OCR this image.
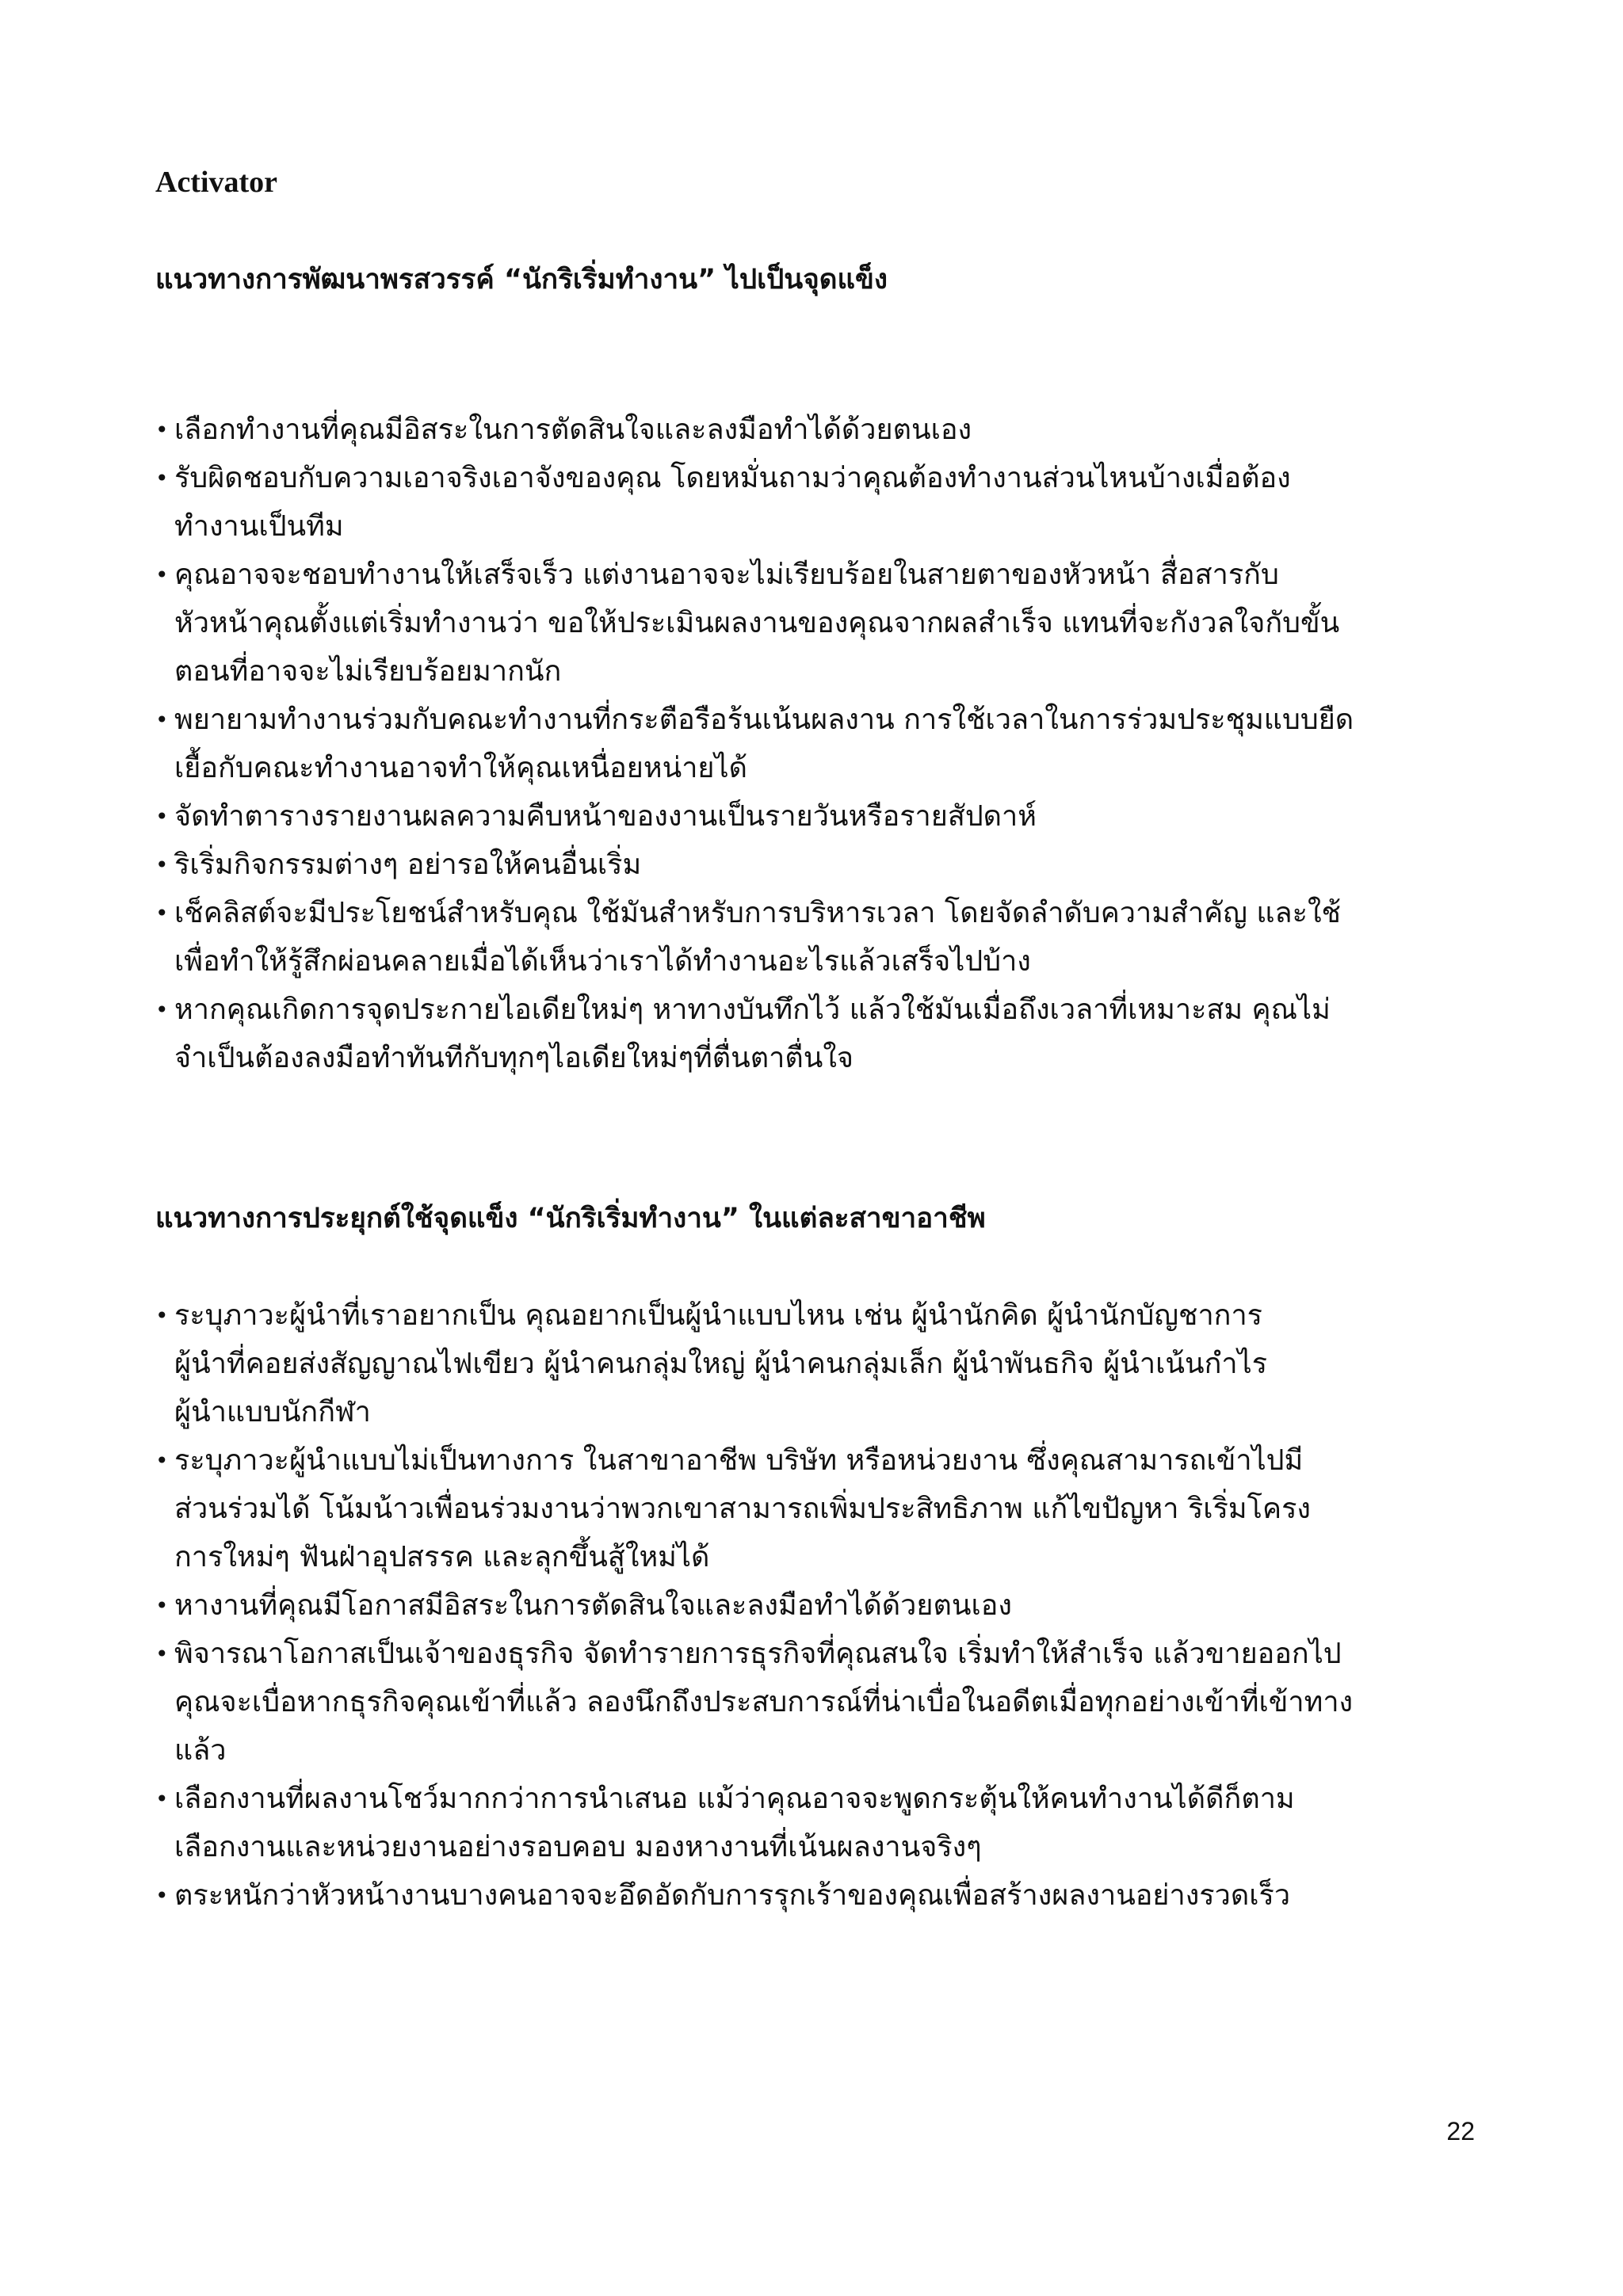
Activator

แนวทางการพัฒนาพรสวรรค์ “นักริเริ่มทำงาน” ไปเป็นจุดแข็ง
• เลือกทำงานที่คุณมีอิสระในการตัดสินใจและลงมือทำได้ด้วยตนเอง
• รับผิดชอบกับความเอาจริงเอาจังของคุณ โดยหมั่นถามว่าคุณต้องทำงานส่วนไหนบ้างเมื่อต้อง
ทำงานเป็นทีม
• คุณอาจจะชอบทำงานให้เสร็จเร็ว แต่งานอาจจะไม่เรียบร้อยในสายตาของหัวหน้า สื่อสารกับ
หัวหน้าคุณตั้งแต่เริ่มทำงานว่า ขอให้ประเมินผลงานของคุณจากผลสำเร็จ แทนที่จะกังวลใจกับขั้น
ตอนที่อาจจะไม่เรียบร้อยมากนัก
• พยายามทำงานร่วมกับคณะทำงานที่กระตือรือร้นเน้นผลงาน การใช้เวลาในการร่วมประชุมแบบยืด
เยื้อกับคณะทำงานอาจทำให้คุณเหนื่อยหน่ายได้
• จัดทำตารางรายงานผลความคืบหน้าของงานเป็นรายวันหรือรายสัปดาห์
• ริเริ่มกิจกรรมต่างๆ อย่ารอให้คนอื่นเริ่ม
• เช็คลิสต์จะมีประโยชน์สำหรับคุณ ใช้มันสำหรับการบริหารเวลา โดยจัดลำดับความสำคัญ และใช้
เพื่อทำให้รู้สึกผ่อนคลายเมื่อได้เห็นว่าเราได้ทำงานอะไรแล้วเสร็จไปบ้าง
• หากคุณเกิดการจุดประกายไอเดียใหม่ๆ หาทางบันทึกไว้ แล้วใช้มันเมื่อถึงเวลาที่เหมาะสม คุณไม่
จำเป็นต้องลงมือทำทันทีกับทุกๆไอเดียใหม่ๆที่ตื่นตาตื่นใจ
แนวทางการประยุกต์ใช้จุดแข็ง “นักริเริ่มทำงาน” ในแต่ละสาขาอาชีพ
• ระบุภาวะผู้นำที่เราอยากเป็น คุณอยากเป็นผู้นำแบบไหน เช่น ผู้นำนักคิด ผู้นำนักบัญชาการ
ผู้นำที่คอยส่งสัญญาณไฟเขียว ผู้นำคนกลุ่มใหญ่ ผู้นำคนกลุ่มเล็ก ผู้นำพันธกิจ ผู้นำเน้นกำไร
ผู้นำแบบนักกีฬา
• ระบุภาวะผู้นำแบบไม่เป็นทางการ ในสาขาอาชีพ บริษัท หรือหน่วยงาน ซึ่งคุณสามารถเข้าไปมี
ส่วนร่วมได้ โน้มน้าวเพื่อนร่วมงานว่าพวกเขาสามารถเพิ่มประสิทธิภาพ แก้ไขปัญหา ริเริ่มโครง
การใหม่ๆ ฟันฝ่าอุปสรรค และลุกขึ้นสู้ใหม่ได้
• หางานที่คุณมีโอกาสมีอิสระในการตัดสินใจและลงมือทำได้ด้วยตนเอง
• พิจารณาโอกาสเป็นเจ้าของธุรกิจ จัดทำรายการธุรกิจที่คุณสนใจ เริ่มทำให้สำเร็จ แล้วขายออกไป
คุณจะเบื่อหากธุรกิจคุณเข้าที่แล้ว ลองนึกถึงประสบการณ์ที่น่าเบื่อในอดีตเมื่อทุกอย่างเข้าที่เข้าทาง
แล้ว
• เลือกงานที่ผลงานโชว์มากกว่าการนำเสนอ แม้ว่าคุณอาจจะพูดกระตุ้นให้คนทำงานได้ดีก็ตาม
เลือกงานและหน่วยงานอย่างรอบคอบ มองหางานที่เน้นผลงานจริงๆ
• ตระหนักว่าหัวหน้างานบางคนอาจจะอึดอัดกับการรุกเร้าของคุณเพื่อสร้างผลงานอย่างรวดเร็ว
22
